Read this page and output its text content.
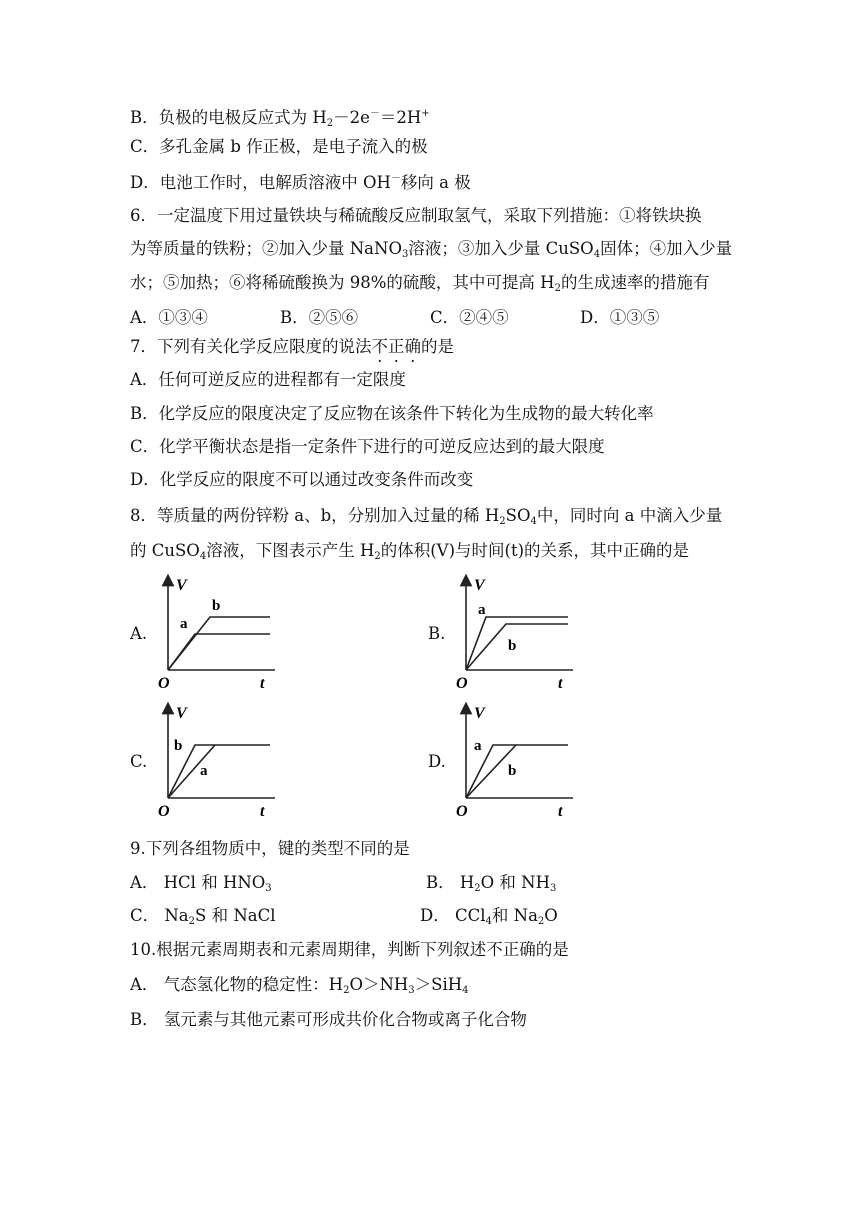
B．负极的电极反应式为 $H_2-2e^-=2H^+$
C．多孔金属 b 作正极，是电子流入的极
D．电池工作时，电解质溶液中 OH－移向 a 极
6．一定温度下用过量铁块与稀硫酸反应制取氢气，采取下列措施：①将铁块换
为等质量的铁粉；②加入少量 NaNO$_3$溶液；③加入少量 CuSO$_4$固体；④加入少量
水；⑤加热；⑥将稀硫酸换为 98%的硫酸，其中可提高 $H_2$的生成速率的措施有
A．①③④	B．②⑤⑥	C．②④⑤	D．①③⑤
7．下列有关化学反应限度的说法不正确的是
A．任何可逆反应的进程都有一定限度
B．化学反应的限度决定了反应物在该条件下转化为生成物的最大转化率
C．化学平衡状态是指一定条件下进行的可逆反应达到的最大限度
D．化学反应的限度不可以通过改变条件而改变
8．等质量的两份锌粉 a、b，分别加入过量的稀 $H_2SO_4$中，同时向 a 中滴入少量
的 CuSO$_4$溶液，下图表示产生 $H_2$的体积(V)与时间(t)的关系，其中正确的是
A.	B.
C.	D.
V
O	t
b
a
V
O	t
a
b
V
O	t
b
a
V
O	t
a
b
9.下列各组物质中，键的类型不同的是
A． HCl 和 $HNO_3$	B． $H_2O$ 和 $NH_3$
C． $Na_2S$ 和 NaCl	D． CCl$_4$和 $Na_2O$
10.根据元素周期表和元素周期律，判断下列叙述不正确的是
A． 气态氢化物的稳定性：$H_2O>NH_3>SiH_4$
B． 氢元素与其他元素可形成共价化合物或离子化合物
